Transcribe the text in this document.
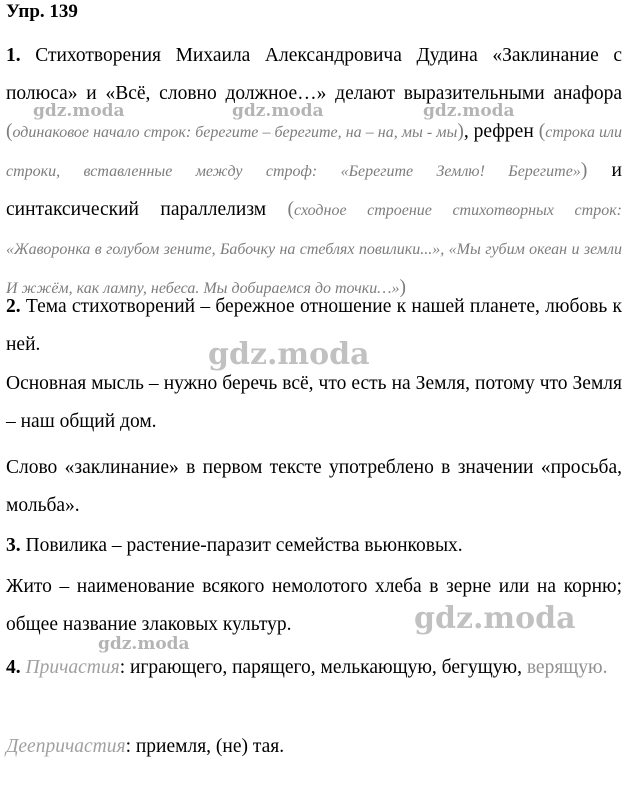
Упр. 139
1. Стихотворения Михаила Александровича Дудина «Заклинание с полюса» и «Всё, словно должное…» делают выразительными анафора (одинаковое начало строк: берегите – берегите, на – на, мы - мы), рефрен (строка или строки, вставленные между строф: «Берегите Землю! Берегите») и синтаксический параллелизм (сходное строение стихотворных строк: «Жаворонка в голубом зените, Бабочку на стеблях повилики...», «Мы губим океан и земли И жжём, как лампу, небеса. Мы добираемся до точки…»)
2. Тема стихотворений – бережное отношение к нашей планете, любовь к ней.
Основная мысль – нужно беречь всё, что есть на Земля, потому что Земля – наш общий дом.
Слово «заклинание» в первом тексте употреблено в значении «просьба, мольба».
3. Повилика – растение-паразит семейства вьюнковых.
Жито – наименование всякого немолотого хлеба в зерне или на корню; общее название злаковых культур.
4. Причастия: играющего, парящего, мелькающую, бегущую, верящую.
Деепричастия: приемля, (не) тая.
gdz.moda	gdz.moda	gdz.moda
gdz.moda
gdz.moda
gdz.moda
